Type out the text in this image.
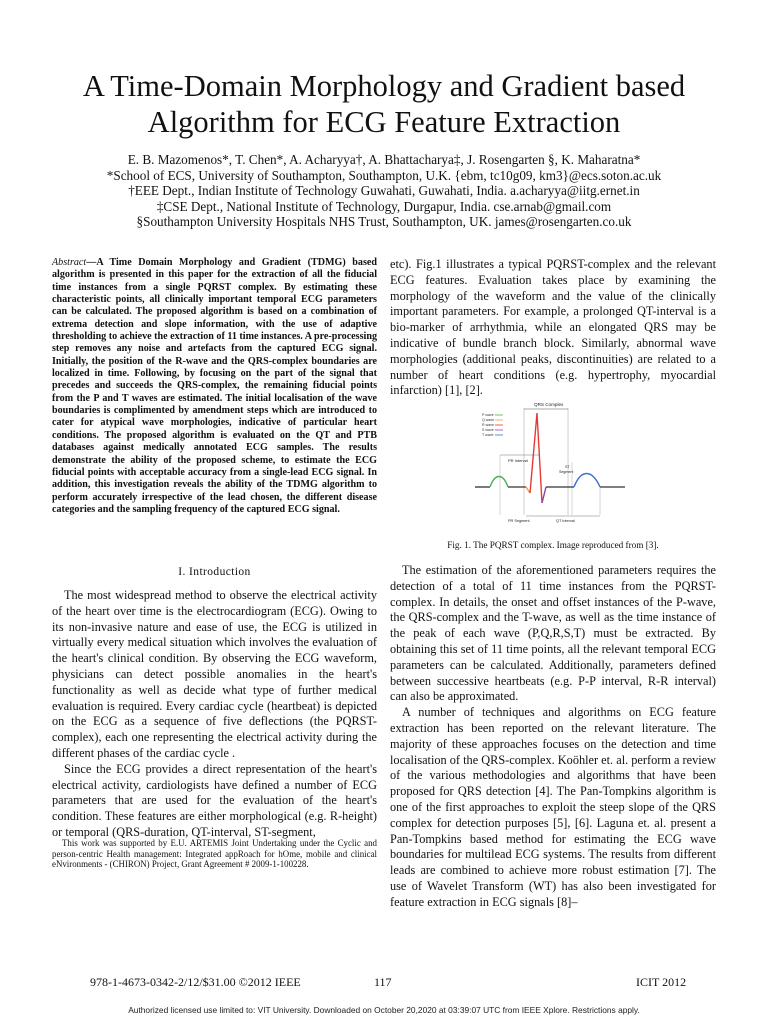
A Time-Domain Morphology and Gradient based
Algorithm for ECG Feature Extraction
E. B. Mazomenos*, T. Chen*, A. Acharyya†, A. Bhattacharya‡, J. Rosengarten §, K. Maharatna*
*School of ECS, University of Southampton, Southampton, U.K. {ebm, tc10g09, km3}@ecs.soton.ac.uk
†EEE Dept., Indian Institute of Technology Guwahati, Guwahati, India. a.acharyya@iitg.ernet.in
‡CSE Dept., National Institute of Technology, Durgapur, India. cse.arnab@gmail.com
§Southampton University Hospitals NHS Trust, Southampton, UK. james@rosengarten.co.uk
Abstract—A Time Domain Morphology and Gradient (TDMG) based algorithm is presented in this paper for the extraction of all the fiducial time instances from a single PQRST complex. By estimating these characteristic points, all clinically important temporal ECG parameters can be calculated. The proposed algorithm is based on a combination of extrema detection and slope information, with the use of adaptive thresholding to achieve the extraction of 11 time instances. A pre-processing step removes any noise and artefacts from the captured ECG signal. Initially, the position of the R-wave and the QRS-complex boundaries are localized in time. Following, by focusing on the part of the signal that precedes and succeeds the QRS-complex, the remaining fiducial points from the P and T waves are estimated. The initial localisation of the wave boundaries is complimented by amendment steps which are introduced to cater for atypical wave morphologies, indicative of particular heart conditions. The proposed algorithm is evaluated on the QT and PTB databases against medically annotated ECG samples. The results demonstrate the ability of the proposed scheme, to estimate the ECG fiducial points with acceptable accuracy from a single-lead ECG signal. In addition, this investigation reveals the ability of the TDMG algorithm to perform accurately irrespective of the lead chosen, the different disease categories and the sampling frequency of the captured ECG signal.
I. Introduction

The most widespread method to observe the electrical activity of the heart over time is the electrocardiogram (ECG). Owing to its non-invasive nature and ease of use, the ECG is utilized in virtually every medical situation which involves the evaluation of the heart's clinical condition. By observing the ECG waveform, physicians can detect possible anomalies in the heart's functionality as well as decide what type of further medical evaluation is required. Every cardiac cycle (heartbeat) is depicted on the ECG as a sequence of five deflections (the PQRST-complex), each one representing the electrical activity during the different phases of the cardiac cycle .

Since the ECG provides a direct representation of the heart's electrical activity, cardiologists have defined a number of ECG parameters that are used for the evaluation of the heart's condition. These features are either morphological (e.g. R-height) or temporal (QRS-duration, QT-interval, ST-segment,

This work was supported by E.U. ARTEMIS Joint Undertaking under the Cyclic and person-centric Health management: Integrated appRoach for hOme, mobile and clinical eNvironments - (CHIRON) Project, Grant Agreement # 2009-1-100228.

etc). Fig.1 illustrates a typical PQRST-complex and the relevant ECG features. Evaluation takes place by examining the morphology of the waveform and the value of the clinically important parameters. For example, a prolonged QT-interval is a bio-marker of arrhythmia, while an elongated QRS may be indicative of bundle branch block. Similarly, abnormal wave morphologies (additional peaks, discontinuities) are related to a number of heart conditions (e.g. hypertrophy, myocardial infarction) [1], [2].

QRS Complex
P wave
Q wave
R wave
S wave
T wave
PR Interval
ST
Segment
PR Segment	QT Interval
Fig. 1. The PQRST complex. Image reproduced from [3].

The estimation of the aforementioned parameters requires the detection of a total of 11 time instances from the PQRST-complex. In details, the onset and offset instances of the P-wave, the QRS-complex and the T-wave, as well as the time instance of the peak of each wave (P,Q,R,S,T) must be extracted. By obtaining this set of 11 time points, all the relevant temporal ECG parameters can be calculated. Additionally, parameters defined between successive heartbeats (e.g. P-P interval, R-R interval) can also be approximated.

A number of techniques and algorithms on ECG feature extraction has been reported on the relevant literature. The majority of these approaches focuses on the detection and time localisation of the QRS-complex. Koöhler et. al. perform a review of the various methodologies and algorithms that have been proposed for QRS detection [4]. The Pan-Tompkins algorithm is one of the first approaches to exploit the steep slope of the QRS complex for detection purposes [5], [6]. Laguna et. al. present a Pan-Tompkins based method for estimating the ECG wave boundaries for multilead ECG systems. The results from different leads are combined to achieve more robust estimation [7]. The use of Wavelet Transform (WT) has also been investigated for feature extraction in ECG signals [8]–

978-1-4673-0342-2/12/$31.00 ©2012 IEEE	117	ICIT 2012
Authorized licensed use limited to: VIT University. Downloaded on October 20,2020 at 03:39:07 UTC from IEEE Xplore. Restrictions apply.
